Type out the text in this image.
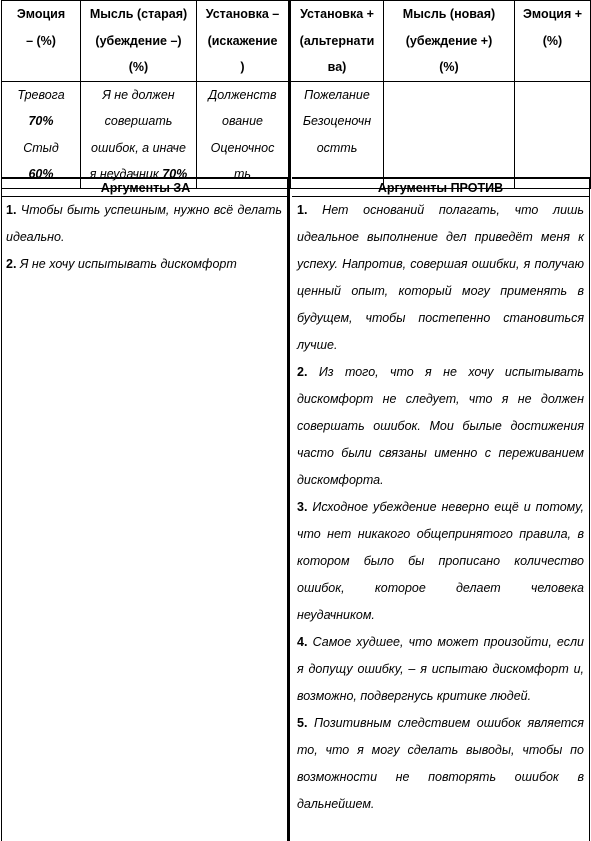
Эмоция
– (%)	Мысль (старая)
(убеждение –)
(%)	Установка –
(искажение
)	Установка +
(альтернати
ва)	Мысль (новая)
(убеждение +)
(%)	Эмоция +
(%)

Тревога
70%
Стыд
60%	Я не должен
совершать
ошибок, а иначе
я неудачник 70%	Долженств
ование
Оценочнос
ть	Пожелание
Безоценочн
остть		

Аргументы ЗА	Аргументы ПРОТИВ

1. Чтобы быть успешным, нужно всё делать идеально.

2. Я не хочу испытывать дискомфорт

1. Нет оснований полагать, что лишь идеальное выполнение дел приведёт меня к успеху. Напротив, совершая ошибки, я получаю ценный опыт, который могу применять в будущем, чтобы постепенно становиться лучше.

2. Из того, что я не хочу испытывать дискомфорт не следует, что я не должен совершать ошибок. Мои былые достижения часто были связаны именно с переживанием дискомфорта.

3. Исходное убеждение неверно ещё и потому, что нет никакого общепринятого правила, в котором было бы прописано количество ошибок, которое делает человека неудачником.

4. Самое худшее, что может произойти, если я допущу ошибку, – я испытаю дискомфорт и, возможно, подвергнусь критике людей.

5. Позитивным следствием ошибок является то, что я могу сделать выводы, чтобы по возможности не повторять ошибок в дальнейшем.
